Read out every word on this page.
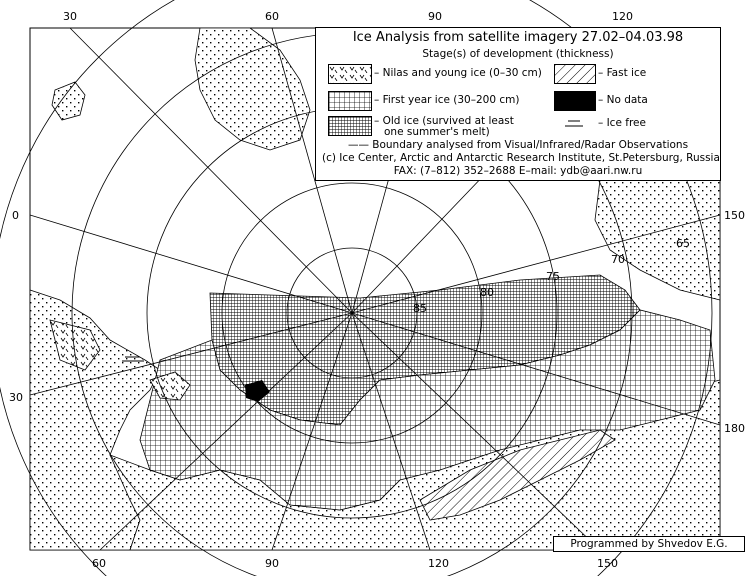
85
80
75
70
65
30	60	90	120
60	90	120	150
0
30
150
180
Ice Analysis from satellite imagery 27.02–04.03.98
Stage(s) of development (thickness)
– Nilas and young ice (0–30 cm)	– Fast ice
– First year ice (30–200 cm)	– No data
– Old ice (survived at least
one summer's melt)
– Ice free
—— Boundary analysed from Visual/Infrared/Radar Observations
(c) Ice Center, Arctic and Antarctic Research Institute, St.Petersburg, Russia
FAX: (7–812) 352–2688 E–mail: ydb@aari.nw.ru
Programmed by Shvedov E.G.
